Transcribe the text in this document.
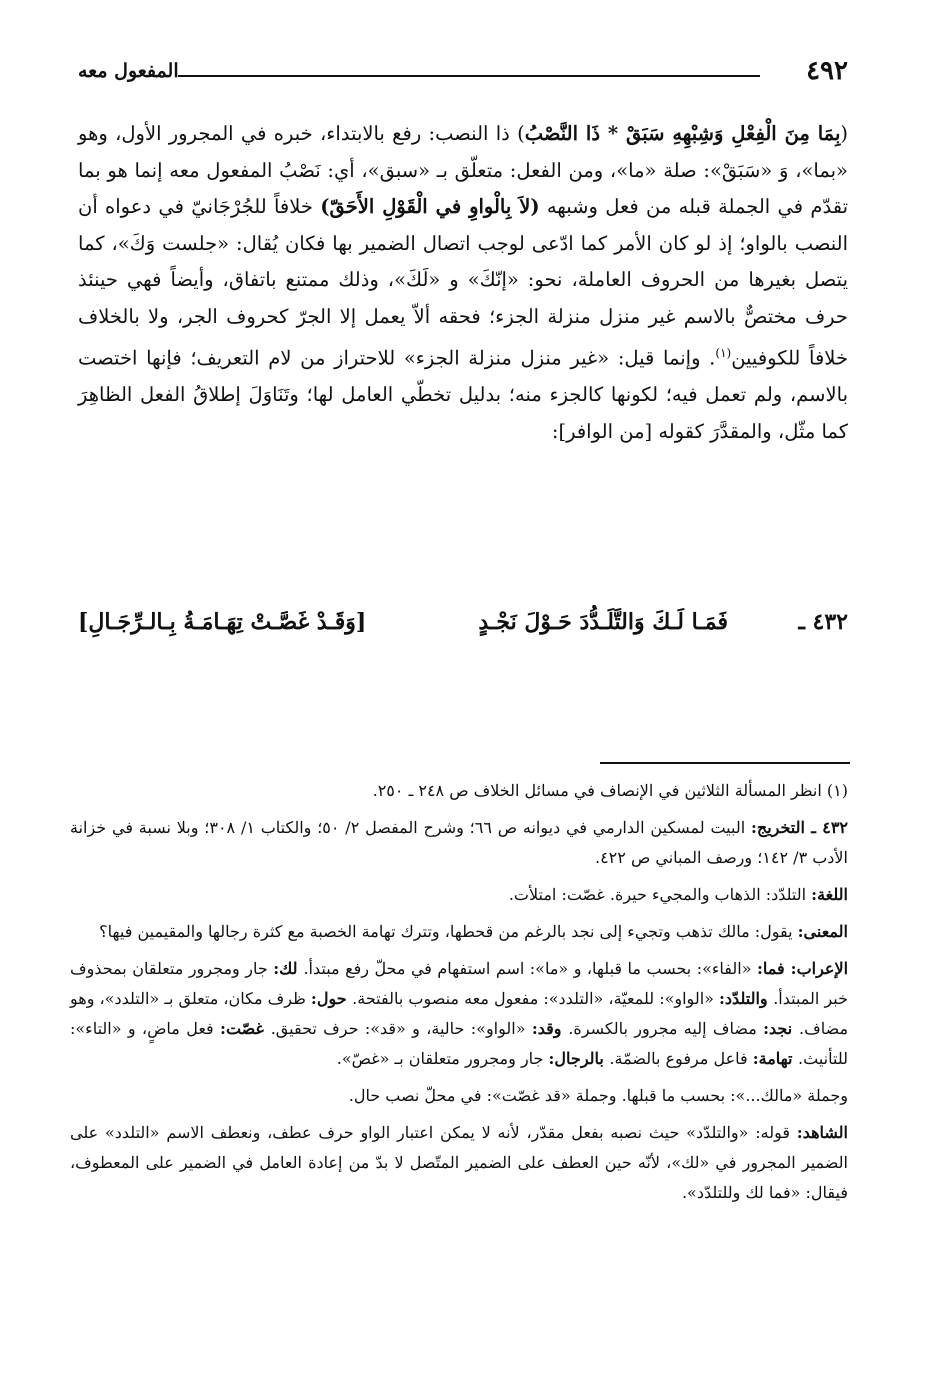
٤٩٢
المفعول معه

(بِمَا مِنَ الْفِعْلِ وَشِبْهِهِ سَبَقْ * ذَا النَّصْبُ) ذا النصب: رفع بالابتداء، خبره في المجرور الأول، وهو «بما»، وَ «سَبَقْ»: صلة «ما»، ومن الفعل: متعلّق بـ «سبق»، أي: نَصْبُ المفعول معه إنما هو بما تقدّم في الجملة قبله من فعل وشبهه (لاَ بِالْواوِ في الْقَوْلِ الأَحَقّ) خلافاً للجُرْجَانيّ في دعواه أن النصب بالواو؛ إذ لو كان الأمر كما ادّعى لوجب اتصال الضمير بها فكان يُقال: «جلست وَكَ»، كما يتصل بغيرها من الحروف العاملة، نحو: «إنّكَ» و «لَكَ»، وذلك ممتنع باتفاق، وأيضاً فهي حينئذ حرف مختصٌّ بالاسم غير منزل منزلة الجزء؛ فحقه ألاّ يعمل إلا الجرّ كحروف الجر، ولا بالخلاف خلافاً للكوفيين$^{(١)}$. وإنما قيل: «غير منزل منزلة الجزء» للاحتراز من لام التعريف؛ فإنها اختصت بالاسم، ولم تعمل فيه؛ لكونها كالجزء منه؛ بدليل تخطّي العامل لها؛ وتَنَاوَلَ إطلاقُ الفعل الظاهِرَ كما مثّل، والمقدَّرَ كقوله [من الوافر]:

٤٣٢ ـ
فَمَـا لَـكَ وَالتَّلَـدُّدَ حَـوْلَ نَجْـدٍ
[وَقَـدْ غَصَّـتْ تِهَـامَـةُ بِـالـرِّجَـالِ]

(١) انظر المسألة الثلاثين في الإنصاف في مسائل الخلاف ص ٢٤٨ ـ ٢٥٠.

٤٣٢ ـ التخريج: البيت لمسكين الدارمي في ديوانه ص ٦٦؛ وشرح المفصل ٢/ ٥٠؛ والكتاب ١/ ٣٠٨؛ وبلا نسبة في خزانة الأدب ٣/ ١٤٢؛ ورصف المباني ص ٤٢٢.

اللغة: التلدّد: الذهاب والمجيء حيرة. غصّت: امتلأت.

المعنى: يقول: مالك تذهب وتجيء إلى نجد بالرغم من قحطها، وتترك تهامة الخصبة مع كثرة رجالها والمقيمين فيها؟

الإعراب: فما: «الفاء»: بحسب ما قبلها، و «ما»: اسم استفهام في محلّ رفع مبتدأ. لك: جار ومجرور متعلقان بمحذوف خبر المبتدأ. والتلدّد: «الواو»: للمعيّة، «التلدد»: مفعول معه منصوب بالفتحة. حول: ظرف مكان، متعلق بـ «التلدد»، وهو مضاف. نجد: مضاف إليه مجرور بالكسرة. وقد: «الواو»: حالية، و «قد»: حرف تحقيق. غصّت: فعل ماضٍ، و «التاء»: للتأنيث. تهامة: فاعل مرفوع بالضمّة. بالرجال: جار ومجرور متعلقان بـ «غصّ».

وجملة «مالك...»: بحسب ما قبلها. وجملة «قد غصّت»: في محلّ نصب حال.

الشاهد: قوله: «والتلدّد» حيث نصبه بفعل مقدّر، لأنه لا يمكن اعتبار الواو حرف عطف، ونعطف الاسم «التلدد» على الضمير المجرور في «لك»، لأنّه حين العطف على الضمير المتّصل لا بدّ من إعادة العامل في الضمير على المعطوف، فيقال: «فما لك وللتلدّد».
